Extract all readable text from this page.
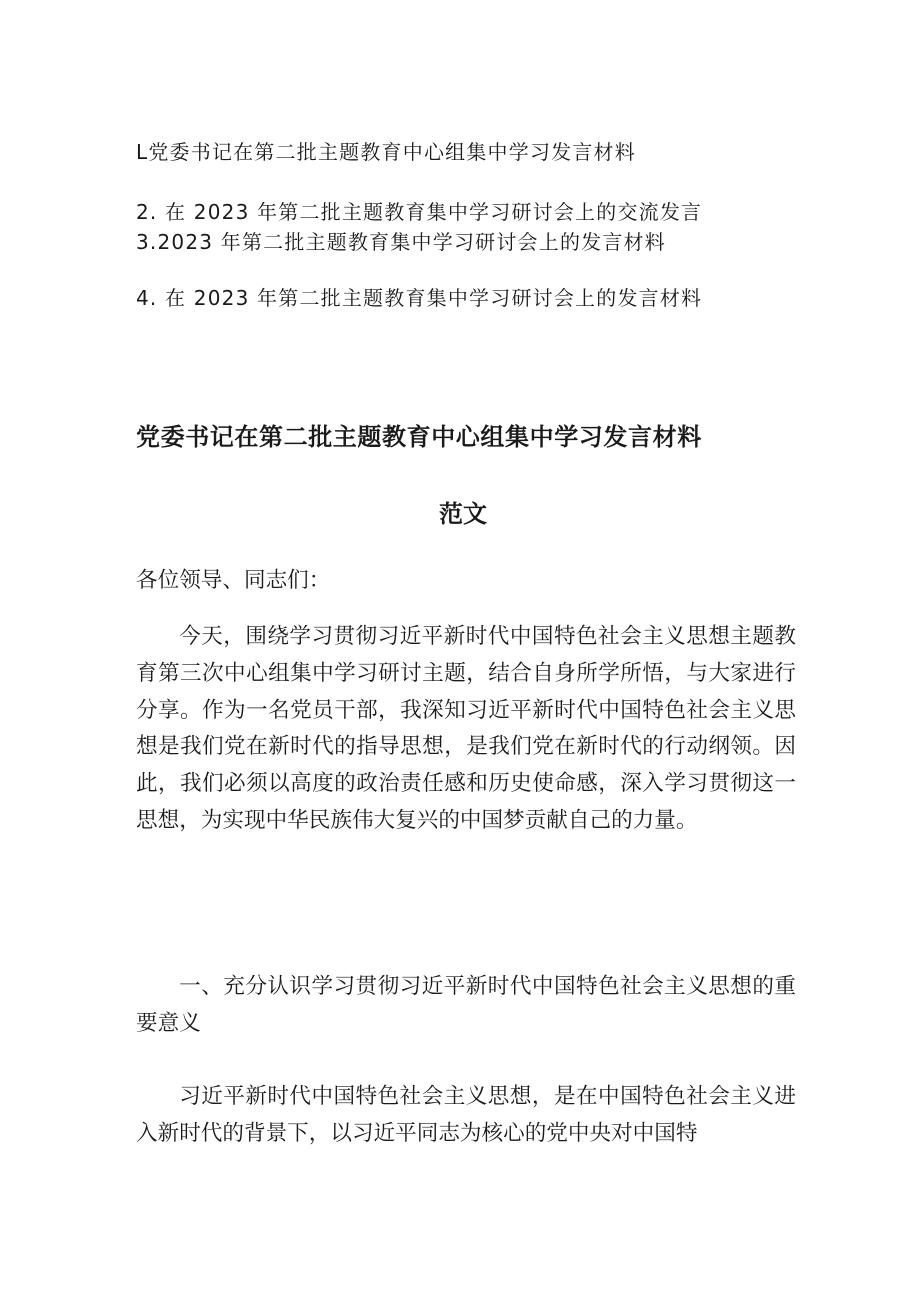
L党委书记在第二批主题教育中心组集中学习发言材料
2. 在 2023 年第二批主题教育集中学习研讨会上的交流发言
3.2023 年第二批主题教育集中学习研讨会上的发言材料
4. 在 2023 年第二批主题教育集中学习研讨会上的发言材料
党委书记在第二批主题教育中心组集中学习发言材料
范文
各位领导、同志们：
今天，围绕学习贯彻习近平新时代中国特色社会主义思想主题教育第三次中心组集中学习研讨主题，结合自身所学所悟，与大家进行分享。作为一名党员干部，我深知习近平新时代中国特色社会主义思想是我们党在新时代的指导思想，是我们党在新时代的行动纲领。因此，我们必须以高度的政治责任感和历史使命感，深入学习贯彻这一思想，为实现中华民族伟大复兴的中国梦贡献自己的力量。
一、充分认识学习贯彻习近平新时代中国特色社会主义思想的重要意义
习近平新时代中国特色社会主义思想，是在中国特色社会主义进入新时代的背景下，以习近平同志为核心的党中央对中国特
